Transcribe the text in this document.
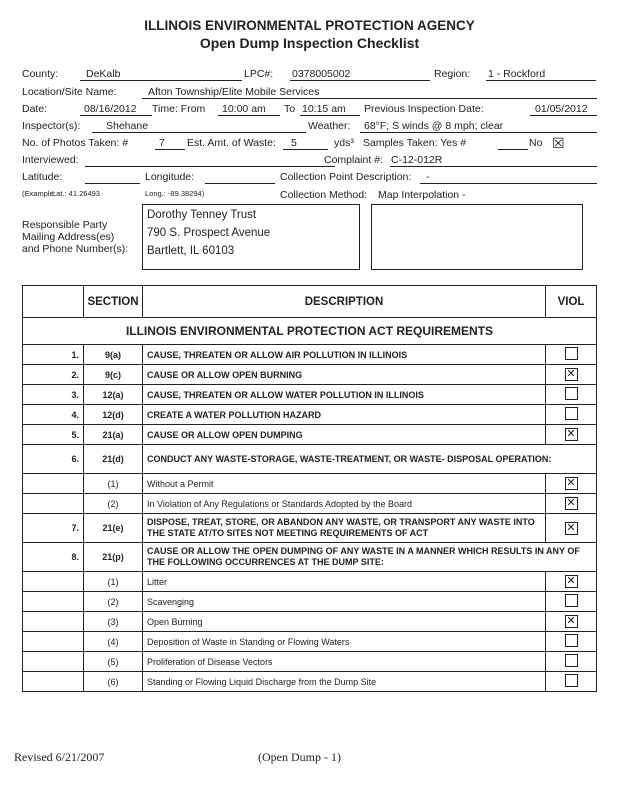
ILLINOIS ENVIRONMENTAL PROTECTION AGENCY
Open Dump Inspection Checklist
County:	DeKalb	LPC#: 0378005002	Region: 1 - Rockford
Location/Site Name:	Afton Township/Elite Mobile Services
Date:	08/16/2012 Time: From 10:00 am To 10:15 am Previous Inspection Date:	01/05/2012
Inspector(s): Shehane	Weather: 68°F; S winds @ 8 mph; clear
No. of Photos Taken: #	7 Est. Amt. of Waste: 5	yds³ Samples Taken: Yes #	No ☒
Interviewed:	Complaint #: C-12-012R
Latitude:	Longitude:	Collection Point Description: -
(Example:
Lat.: 41.26493	Long.: -89.38294)	Collection Method: Map Interpolation -
Responsible Party
Mailing Address(es)
and Phone Number(s):
Dorothy Tenney Trust
790 S. Prospect Avenue
Bartlett, IL 60103
	SECTION	DESCRIPTION	VIOL
ILLINOIS ENVIRONMENTAL PROTECTION ACT REQUIREMENTS			
1.	9(a)	CAUSE, THREATEN OR ALLOW AIR POLLUTION IN ILLINOIS	
2.	9(c)	CAUSE OR ALLOW OPEN BURNING	✕
3.	12(a)	CAUSE, THREATEN OR ALLOW WATER POLLUTION IN ILLINOIS	
4.	12(d)	CREATE A WATER POLLUTION HAZARD	
5.	21(a)	CAUSE OR ALLOW OPEN DUMPING	✕
6.	21(d)	CONDUCT ANY WASTE-STORAGE, WASTE-TREATMENT, OR WASTE- DISPOSAL OPERATION:	
	(1)	Without a Permit	✕
	(2)	In Violation of Any Regulations or Standards Adopted by the Board	✕
7.	21(e)	DISPOSE, TREAT, STORE, OR ABANDON ANY WASTE, OR TRANSPORT ANY WASTE INTO THE STATE AT/TO SITES NOT MEETING REQUIREMENTS OF ACT	✕
8.	21(p)	CAUSE OR ALLOW THE OPEN DUMPING OF ANY WASTE IN A MANNER WHICH RESULTS IN ANY OF THE FOLLOWING OCCURRENCES AT THE DUMP SITE:	
	(1)	Litter	✕
	(2)	Scavenging	
	(3)	Open Burning	✕
	(4)	Deposition of Waste in Standing or Flowing Waters	
	(5)	Proliferation of Disease Vectors	
	(6)	Standing or Flowing Liquid Discharge from the Dump Site	
Revised 6/21/2007	(Open Dump - 1)
